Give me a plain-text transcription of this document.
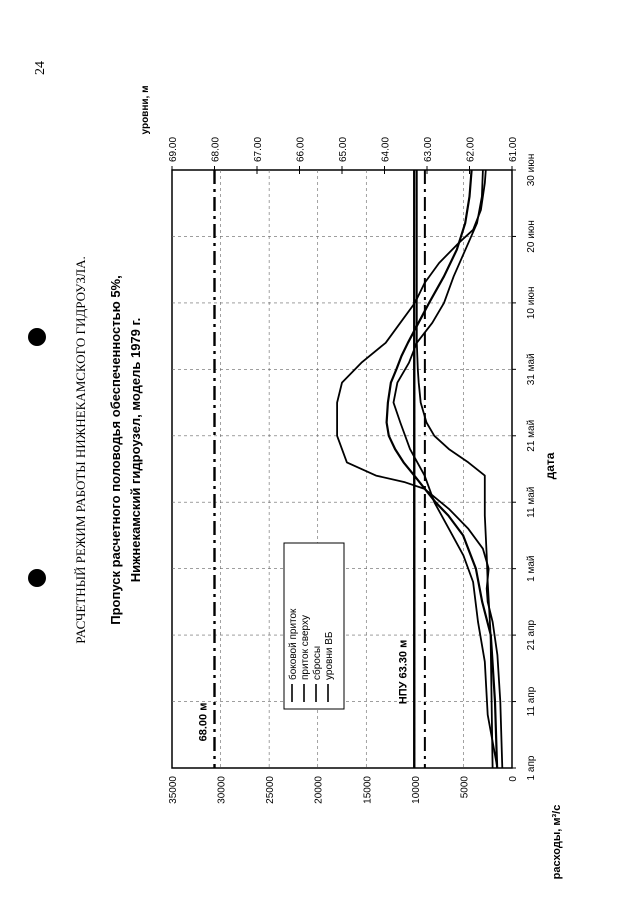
24
РАСЧЕТНЫЙ РЕЖИМ РАБОТЫ НИЖНЕКАМСКОГО ГИДРОУЗЛА. Пропуск расчетного половодья обеспеченностью 5%, Нижнекамский гидроузел, модель 1979 г.
уровни, м
расходы, м³/с
дата
1 апр
11 апр
21 апр
1 май
11 май
21 май
31 май
10 июн
20 июн
30 июн
0
5000
10000
15000
20000
25000
30000
35000
61.00
62.00
63.00
64.00
65.00
66.00
67.00
68.00
69.00
68.00 м
НПУ 63.30 м
боковой приток приток сверху сбросы уровни ВБ
